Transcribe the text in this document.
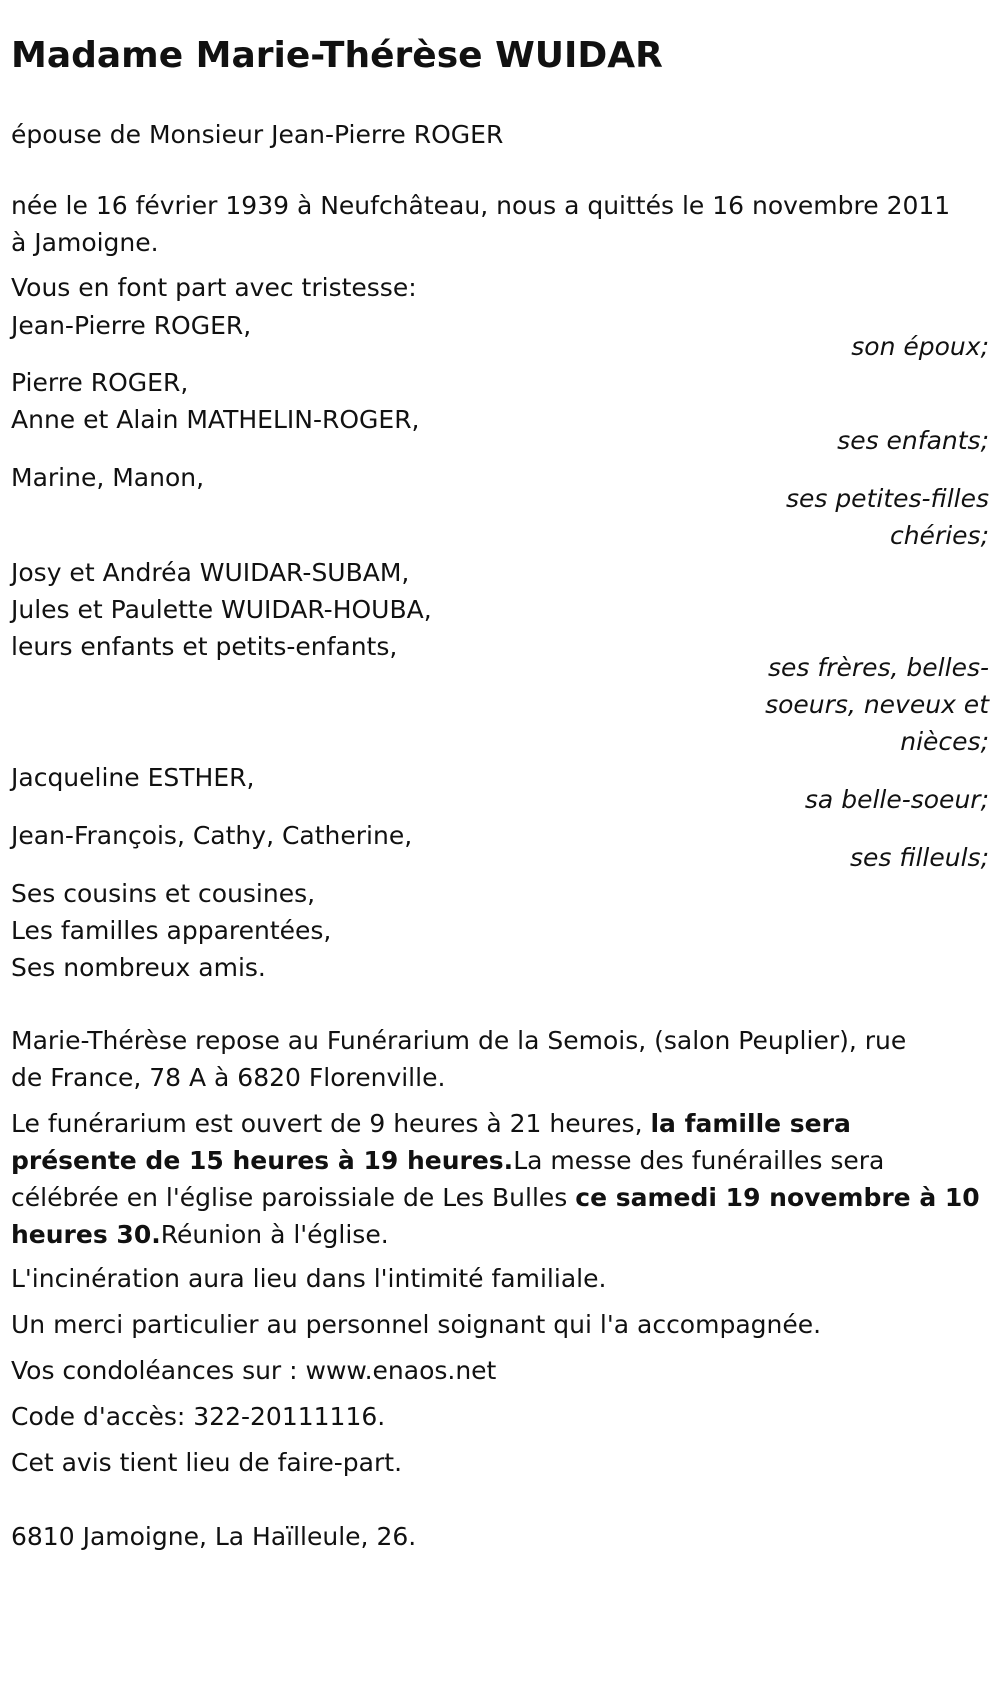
Madame Marie-Thérèse WUIDAR

épouse de Monsieur Jean-Pierre ROGER

née le 16 février 1939 à Neufchâteau, nous a quittés le 16 novembre 2011
à Jamoigne.

Vous en font part avec tristesse:

Jean-Pierre ROGER,

son époux;

Pierre ROGER,
Anne et Alain MATHELIN-ROGER,

ses enfants;

Marine, Manon,

ses petites-filles
chéries;

Josy et Andréa WUIDAR-SUBAM,
Jules et Paulette WUIDAR-HOUBA,
leurs enfants et petits-enfants,

ses frères, belles-
soeurs, neveux et
nièces;

Jacqueline ESTHER,

sa belle-soeur;

Jean-François, Cathy, Catherine,

ses filleuls;

Ses cousins et cousines,
Les familles apparentées,
Ses nombreux amis.

Marie-Thérèse repose au Funérarium de la Semois, (salon Peuplier), rue
de France, 78 A à 6820 Florenville.

Le funérarium est ouvert de 9 heures à 21 heures, la famille sera
présente de 15 heures à 19 heures.La messe des funérailles sera
célébrée en l'église paroissiale de Les Bulles ce samedi 19 novembre à 10
heures 30.Réunion à l'église.

L'incinération aura lieu dans l'intimité familiale.

Un merci particulier au personnel soignant qui l'a accompagnée.

Vos condoléances sur : www.enaos.net

Code d'accès: 322-20111116.

Cet avis tient lieu de faire-part.

6810 Jamoigne, La Haïlleule, 26.
